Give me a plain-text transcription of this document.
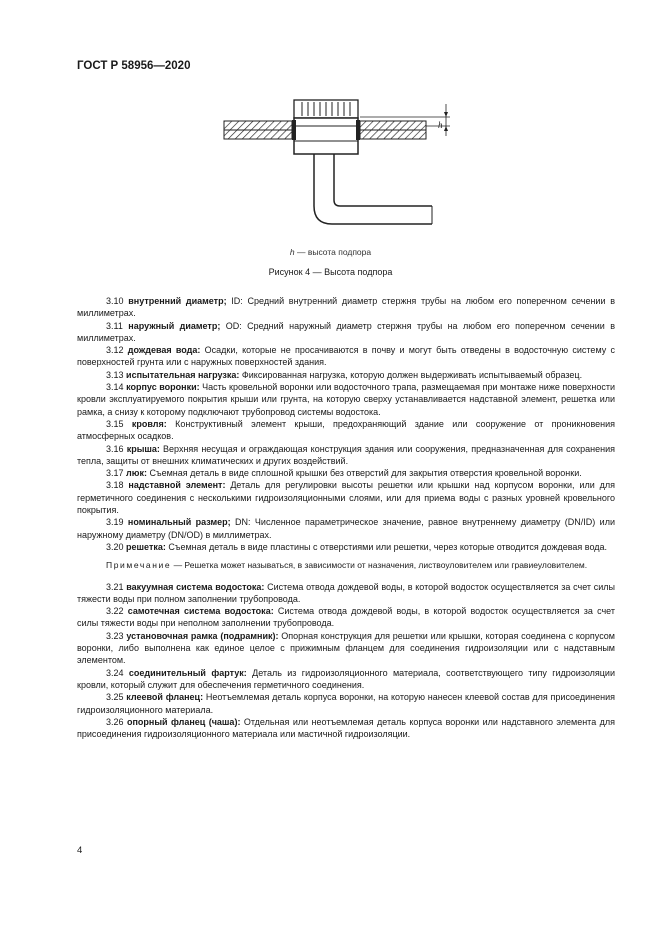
ГОСТ Р 58956—2020
h
h — высота подпора
Рисунок 4 — Высота подпора

3.10 внутренний диаметр; ID: Средний внутренний диаметр стержня трубы на любом его поперечном сечении в миллиметрах.

3.11 наружный диаметр; OD: Средний наружный диаметр стержня трубы на любом его поперечном сечении в миллиметрах.

3.12 дождевая вода: Осадки, которые не просачиваются в почву и могут быть отведены в водосточную систему с поверхностей грунта или с наружных поверхностей здания.

3.13 испытательная нагрузка: Фиксированная нагрузка, которую должен выдерживать испытываемый образец.

3.14 корпус воронки: Часть кровельной воронки или водосточного трапа, размещаемая при монтаже ниже поверхности кровли эксплуатируемого покрытия крыши или грунта, на которую сверху устанавливается надставной элемент, решетка или рамка, а снизу к которому подключают трубопровод системы водостока.

3.15 кровля: Конструктивный элемент крыши, предохраняющий здание или сооружение от проникновения атмосферных осадков.

3.16 крыша: Верхняя несущая и ограждающая конструкция здания или сооружения, предназначенная для сохранения тепла, защиты от внешних климатических и других воздействий.

3.17 люк: Съемная деталь в виде сплошной крышки без отверстий для закрытия отверстия кровельной воронки.

3.18 надставной элемент: Деталь для регулировки высоты решетки или крышки над корпусом воронки, или для герметичного соединения с несколькими гидроизоляционными слоями, или для приема воды с разных уровней кровельного покрытия.

3.19 номинальный размер; DN: Численное параметрическое значение, равное внутреннему диаметру (DN/ID) или наружному диаметру (DN/OD) в миллиметрах.

3.20 решетка: Съемная деталь в виде пластины с отверстиями или решетки, через которые отводится дождевая вода.

Примечание — Решетка может называться, в зависимости от назначения, листвоуловителем или гравиеуловителем.

3.21 вакуумная система водостока: Система отвода дождевой воды, в которой водосток осуществляется за счет силы тяжести воды при полном заполнении трубопровода.

3.22 самотечная система водостока: Система отвода дождевой воды, в которой водосток осуществляется за счет силы тяжести воды при неполном заполнении трубопровода.

3.23 установочная рамка (подрамник): Опорная конструкция для решетки или крышки, которая соединена с корпусом воронки, либо выполнена как единое целое с прижимным фланцем для соединения гидроизоляции или с надставным элементом.

3.24 соединительный фартук: Деталь из гидроизоляционного материала, соответствующего типу гидроизоляции кровли, который служит для обеспечения герметичного соединения.

3.25 клеевой фланец: Неотъемлемая деталь корпуса воронки, на которую нанесен клеевой состав для присоединения гидроизоляционного материала.

3.26 опорный фланец (чаша): Отдельная или неотъемлемая деталь корпуса воронки или надставного элемента для присоединения гидроизоляционного материала или мастичной гидроизоляции.

4
